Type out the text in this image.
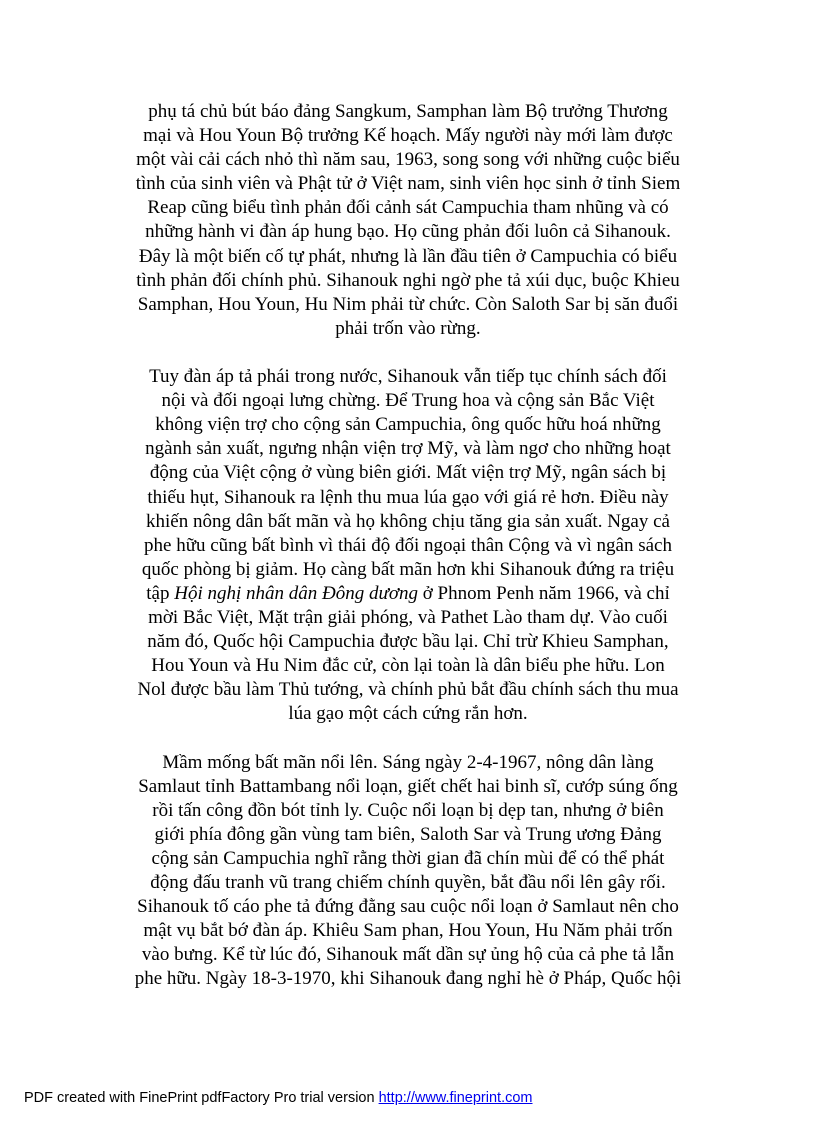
phụ tá chủ bút báo đảng Sangkum, Samphan làm Bộ trưởng Thương
mại và Hou Youn Bộ trưởng Kế hoạch. Mấy người này mới làm được
một vài cải cách nhỏ thì năm sau, 1963, song song với những cuộc biểu
tình của sinh viên và Phật tử ở Việt nam, sinh viên học sinh ở tỉnh Siem
Reap cũng biểu tình phản đối cảnh sát Campuchia tham nhũng và có
những hành vi đàn áp hung bạo. Họ cũng phản đối luôn cả Sihanouk.
Đây là một biến cố tự phát, nhưng là lần đầu tiên ở Campuchia có biểu
tình phản đối chính phủ. Sihanouk nghi ngờ phe tả xúi dục, buộc Khieu
Samphan, Hou Youn, Hu Nim phải từ chức. Còn Saloth Sar bị săn đuổi
phải trốn vào rừng.

Tuy đàn áp tả phái trong nước, Sihanouk vẫn tiếp tục chính sách đối
nội và đối ngoại lưng chừng. Để Trung hoa và cộng sản Bắc Việt
không viện trợ cho cộng sản Campuchia, ông quốc hữu hoá những
ngành sản xuất, ngưng nhận viện trợ Mỹ, và làm ngơ cho những hoạt
động của Việt cộng ở vùng biên giới. Mất viện trợ Mỹ, ngân sách bị
thiếu hụt, Sihanouk ra lệnh thu mua lúa gạo với giá rẻ hơn. Điều này
khiến nông dân bất mãn và họ không chịu tăng gia sản xuất. Ngay cả
phe hữu cũng bất bình vì thái độ đối ngoại thân Cộng và vì ngân sách
quốc phòng bị giảm. Họ càng bất mãn hơn khi Sihanouk đứng ra triệu
tập Hội nghị nhân dân Đông dương ở Phnom Penh năm 1966, và chỉ
mời Bắc Việt, Mặt trận giải phóng, và Pathet Lào tham dự. Vào cuối
năm đó, Quốc hội Campuchia được bầu lại. Chỉ trừ Khieu Samphan,
Hou Youn và Hu Nim đắc cử, còn lại toàn là dân biểu phe hữu. Lon
Nol được bầu làm Thủ tướng, và chính phủ bắt đầu chính sách thu mua
lúa gạo một cách cứng rắn hơn.

Mầm mống bất mãn nổi lên. Sáng ngày 2-4-1967, nông dân làng
Samlaut tỉnh Battambang nổi loạn, giết chết hai binh sĩ, cướp súng ống
rồi tấn công đồn bót tỉnh ly. Cuộc nổi loạn bị dẹp tan, nhưng ở biên
giới phía đông gần vùng tam biên, Saloth Sar và Trung ương Đảng
cộng sản Campuchia nghĩ rằng thời gian đã chín mùi để có thể phát
động đấu tranh vũ trang chiếm chính quyền, bắt đầu nổi lên gây rối.
Sihanouk tố cáo phe tả đứng đằng sau cuộc nổi loạn ở Samlaut nên cho
mật vụ bắt bớ đàn áp. Khiêu Sam phan, Hou Youn, Hu Năm phải trốn
vào bưng. Kể từ lúc đó, Sihanouk mất dần sự ủng hộ của cả phe tả lẫn
phe hữu. Ngày 18-3-1970, khi Sihanouk đang nghỉ hè ở Pháp, Quốc hội

PDF created with FinePrint pdfFactory Pro trial version http://www.fineprint.com
